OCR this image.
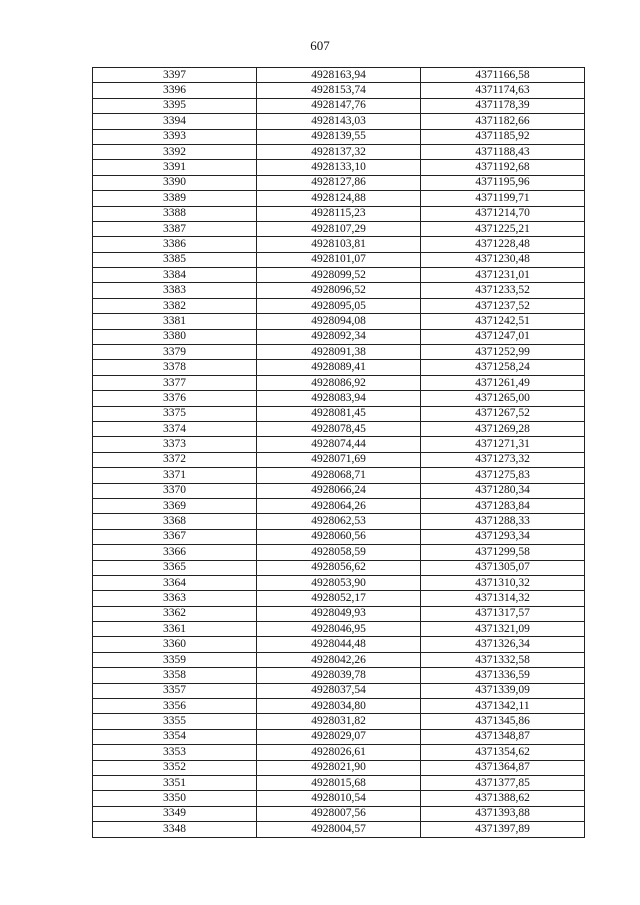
607
3397	4928163,94	4371166,58
3396	4928153,74	4371174,63
3395	4928147,76	4371178,39
3394	4928143,03	4371182,66
3393	4928139,55	4371185,92
3392	4928137,32	4371188,43
3391	4928133,10	4371192,68
3390	4928127,86	4371195,96
3389	4928124,88	4371199,71
3388	4928115,23	4371214,70
3387	4928107,29	4371225,21
3386	4928103,81	4371228,48
3385	4928101,07	4371230,48
3384	4928099,52	4371231,01
3383	4928096,52	4371233,52
3382	4928095,05	4371237,52
3381	4928094,08	4371242,51
3380	4928092,34	4371247,01
3379	4928091,38	4371252,99
3378	4928089,41	4371258,24
3377	4928086,92	4371261,49
3376	4928083,94	4371265,00
3375	4928081,45	4371267,52
3374	4928078,45	4371269,28
3373	4928074,44	4371271,31
3372	4928071,69	4371273,32
3371	4928068,71	4371275,83
3370	4928066,24	4371280,34
3369	4928064,26	4371283,84
3368	4928062,53	4371288,33
3367	4928060,56	4371293,34
3366	4928058,59	4371299,58
3365	4928056,62	4371305,07
3364	4928053,90	4371310,32
3363	4928052,17	4371314,32
3362	4928049,93	4371317,57
3361	4928046,95	4371321,09
3360	4928044,48	4371326,34
3359	4928042,26	4371332,58
3358	4928039,78	4371336,59
3357	4928037,54	4371339,09
3356	4928034,80	4371342,11
3355	4928031,82	4371345,86
3354	4928029,07	4371348,87
3353	4928026,61	4371354,62
3352	4928021,90	4371364,87
3351	4928015,68	4371377,85
3350	4928010,54	4371388,62
3349	4928007,56	4371393,88
3348	4928004,57	4371397,89
